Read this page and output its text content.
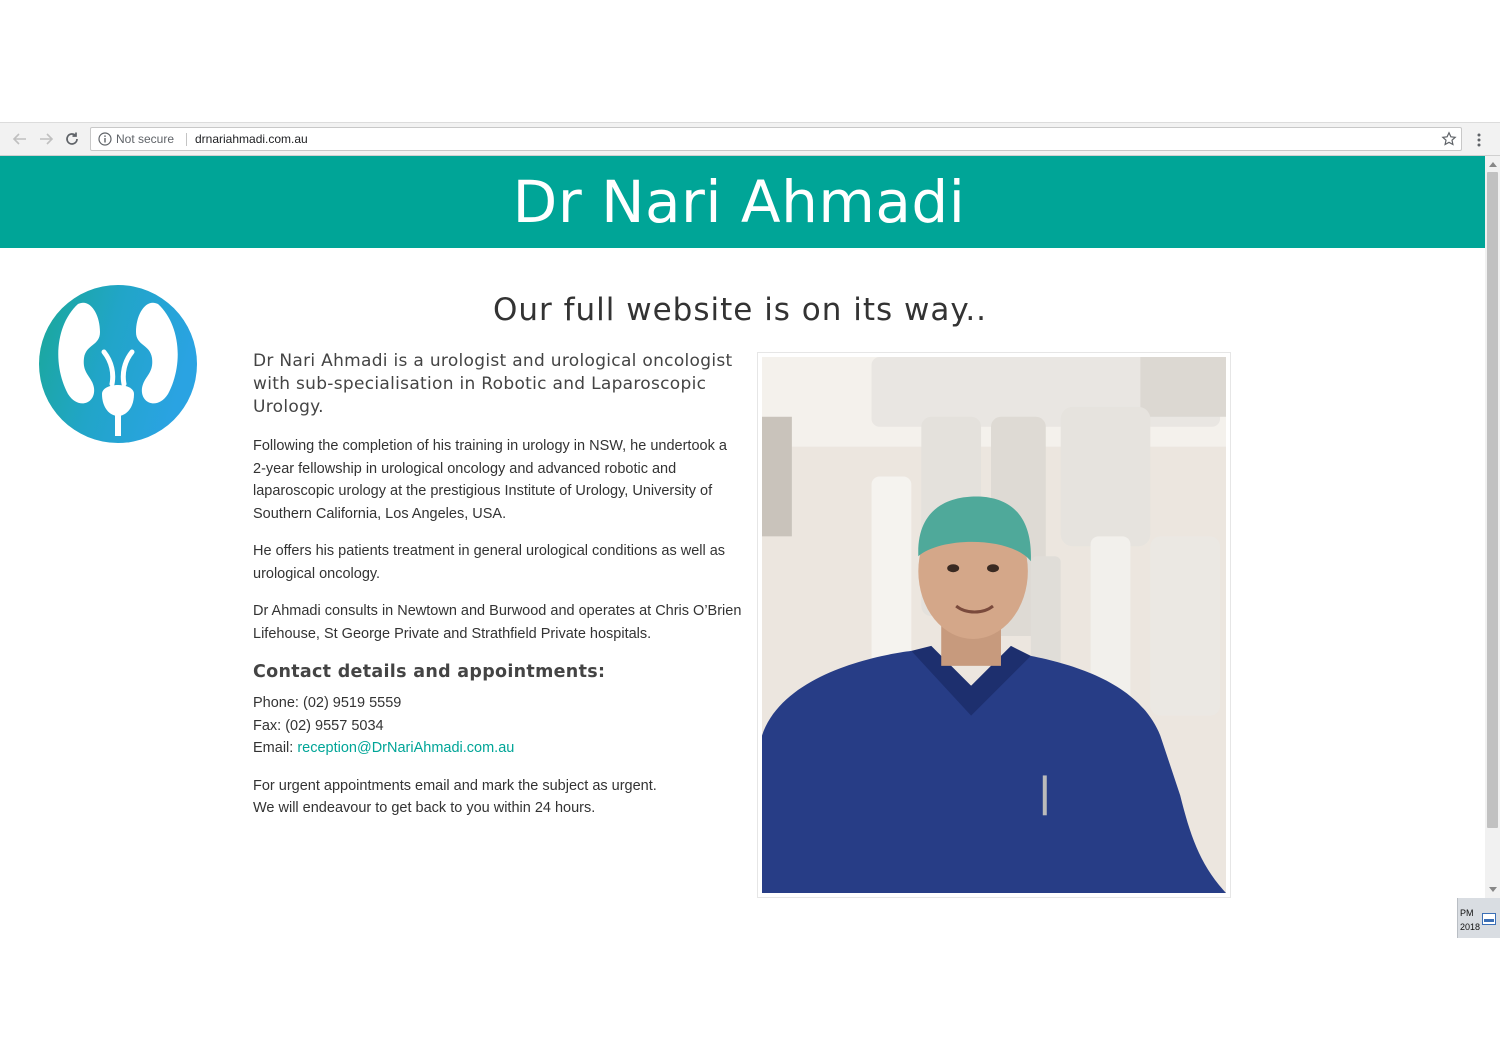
Not secure drnariahmadi.com.au
Dr Nari Ahmadi
Our full website is on its way..

Dr Nari Ahmadi is a urologist and urological oncologist with sub-specialisation in Robotic and Laparoscopic Urology.

Following the completion of his training in urology in NSW, he undertook a 2-year fellowship in urological oncology and advanced robotic and laparoscopic urology at the prestigious Institute of Urology, University of Southern California, Los Angeles, USA.

He offers his patients treatment in general urological conditions as well as urological oncology.

Dr Ahmadi consults in Newtown and Burwood and operates at Chris O’Brien Lifehouse, St George Private and Strathfield Private hospitals.

Contact details and appointments:
Phone: (02) 9519 5559
Fax: (02) 9557 5034
Email: reception@DrNariAhmadi.com.au
For urgent appointments email and mark the subject as urgent.
We will endeavour to get back to you within 24 hours.
PM
2018
